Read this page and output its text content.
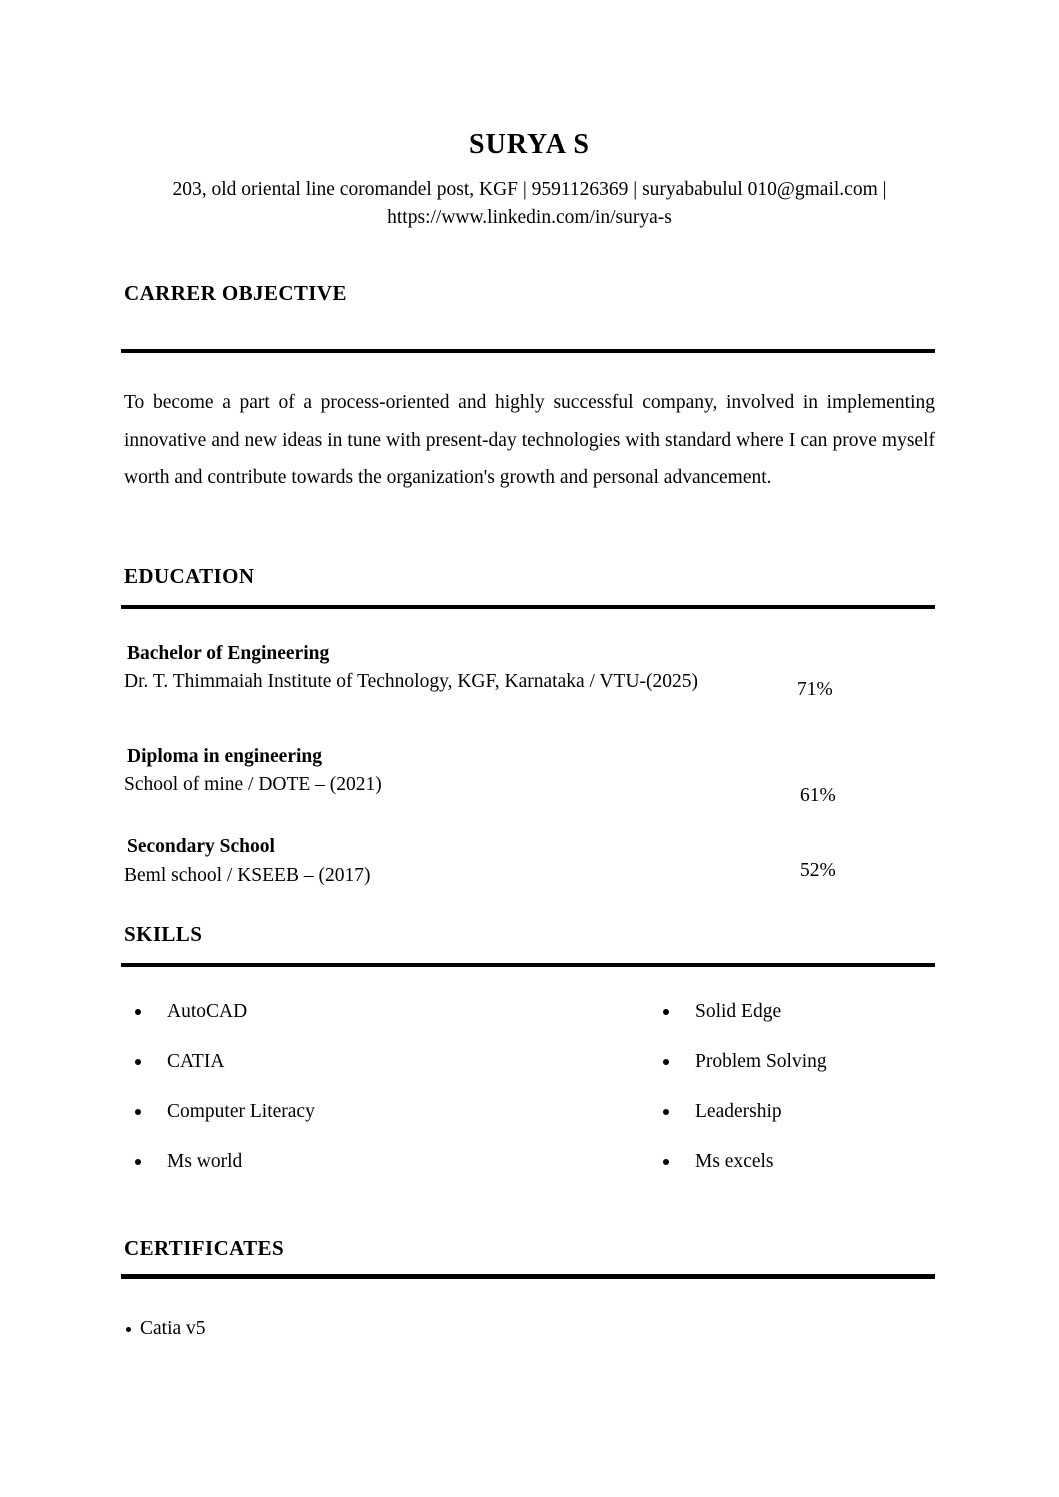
SURYA S
203, old oriental line coromandel post, KGF | 9591126369 | suryababulul 010@gmail.com |
https://www.linkedin.com/in/surya-s
CARRER OBJECTIVE

To become a part of a process-oriented and highly successful company, involved in implementing innovative and new ideas in tune with present-day technologies with standard where I can prove myself worth and contribute towards the organization's growth and personal advancement.

EDUCATION
Bachelor of Engineering
Dr. T. Thimmaiah Institute of Technology, KGF, Karnataka / VTU-(2025)	71%
Diploma in engineering
School of mine / DOTE – (2021)
61%
Secondary School
Beml school / KSEEB – (2017)	52%
SKILLS
AutoCAD
CATIA
Computer Literacy
Ms world
Solid Edge
Problem Solving
Leadership
Ms excels
CERTIFICATES
Catia v5
